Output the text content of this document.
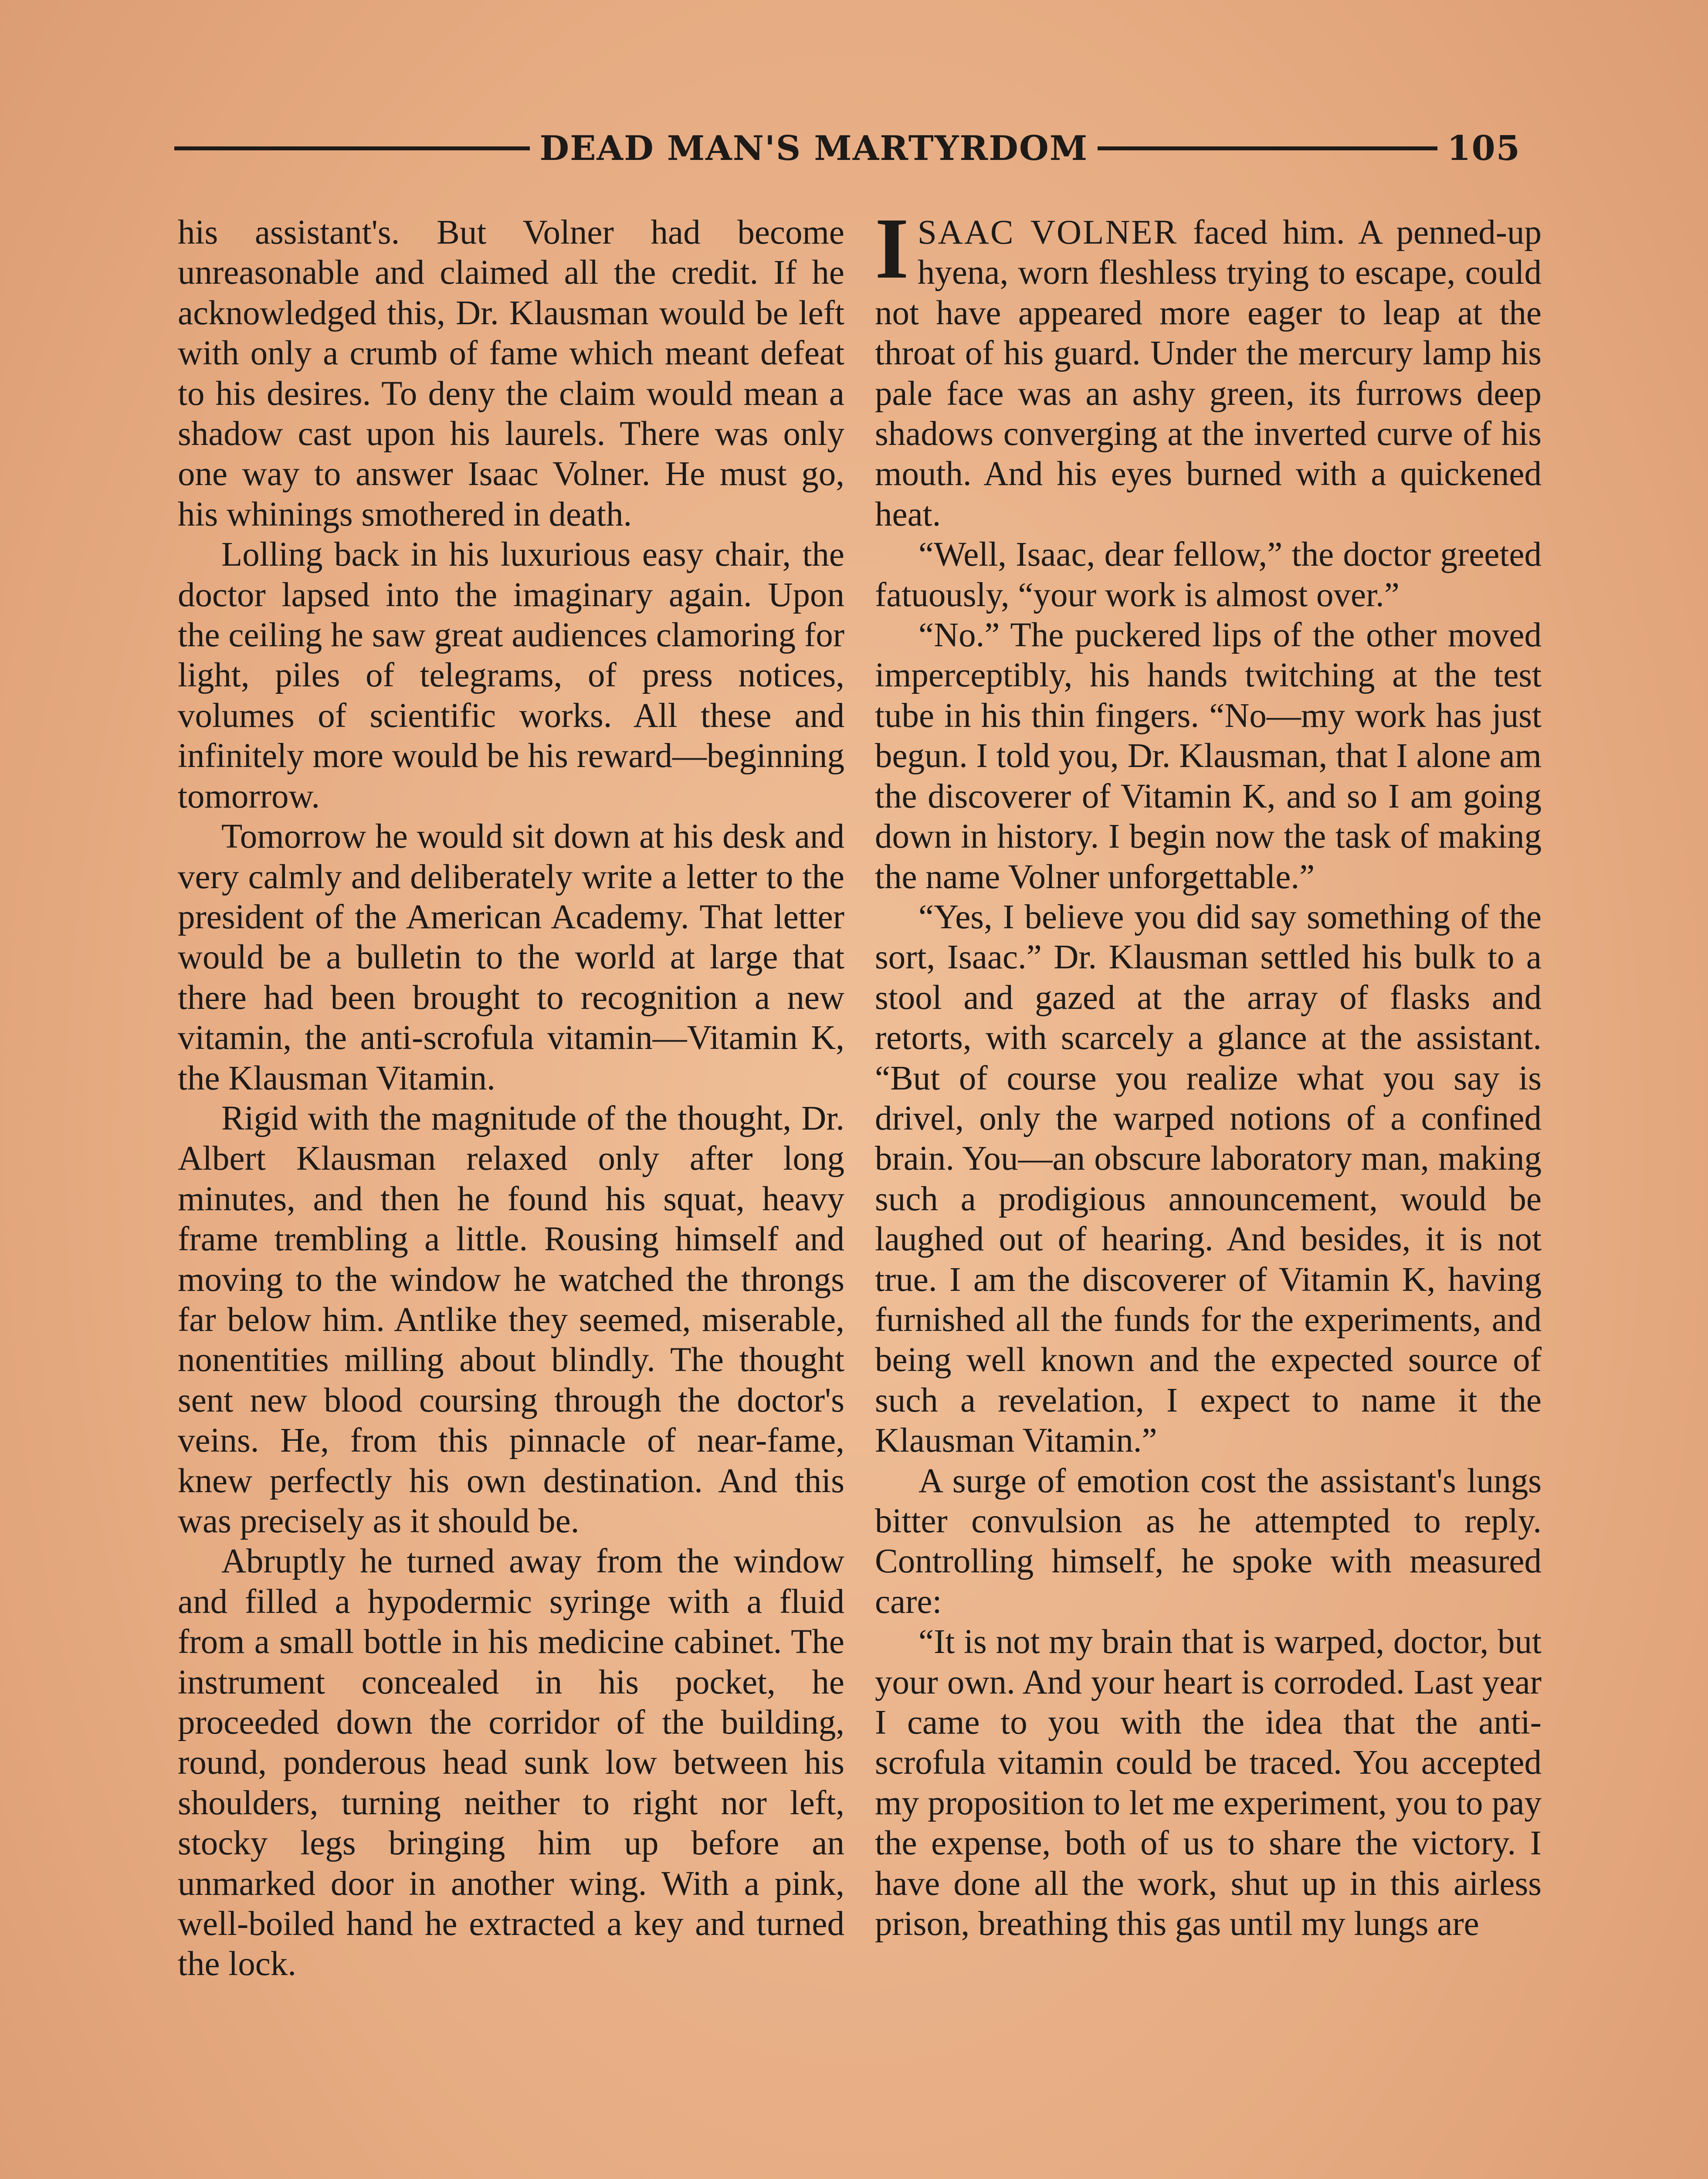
DEAD MAN'S MARTYRDOM	105

his assistant's. But Volner had become unreasonable and claimed all the credit. If he acknowledged this, Dr. Klausman would be left with only a crumb of fame which meant defeat to his desires. To deny the claim would mean a shadow cast upon his laurels. There was only one way to answer Isaac Volner. He must go, his whinings smothered in death.

Lolling back in his luxurious easy chair, the doctor lapsed into the imaginary again. Upon the ceiling he saw great audiences clamoring for light, piles of telegrams, of press notices, volumes of scientific works. All these and infinitely more would be his reward—beginning tomorrow.

Tomorrow he would sit down at his desk and very calmly and deliberately write a letter to the president of the American Academy. That letter would be a bulletin to the world at large that there had been brought to recognition a new vitamin, the anti-scrofula vitamin—Vitamin K, the Klausman Vitamin.

Rigid with the magnitude of the thought, Dr. Albert Klausman relaxed only after long minutes, and then he found his squat, heavy frame trembling a little. Rousing himself and moving to the window he watched the throngs far below him. Antlike they seemed, miserable, nonentities milling about blindly. The thought sent new blood coursing through the doctor's veins. He, from this pinnacle of near-fame, knew perfectly his own destination. And this was precisely as it should be.

Abruptly he turned away from the window and filled a hypodermic syringe with a fluid from a small bottle in his medicine cabinet. The instrument concealed in his pocket, he proceeded down the corridor of the building, round, ponderous head sunk low between his shoulders, turning neither to right nor left, stocky legs bringing him up before an unmarked door in another wing. With a pink, well-boiled hand he extracted a key and turned the lock.

ISAAC VOLNER faced him. A penned-up hyena, worn fleshless trying to escape, could not have appeared more eager to leap at the throat of his guard. Under the mercury lamp his pale face was an ashy green, its furrows deep shadows converging at the inverted curve of his mouth. And his eyes burned with a quickened heat.

“Well, Isaac, dear fellow,” the doctor greeted fatuously, “your work is almost over.”

“No.” The puckered lips of the other moved imperceptibly, his hands twitching at the test tube in his thin fingers. “No—my work has just begun. I told you, Dr. Klausman, that I alone am the discoverer of Vitamin K, and so I am going down in history. I begin now the task of making the name Volner unforgettable.”

“Yes, I believe you did say something of the sort, Isaac.” Dr. Klausman settled his bulk to a stool and gazed at the array of flasks and retorts, with scarcely a glance at the assistant. “But of course you realize what you say is drivel, only the warped notions of a confined brain. You—an obscure laboratory man, making such a prodigious announcement, would be laughed out of hearing. And besides, it is not true. I am the discoverer of Vitamin K, having furnished all the funds for the experiments, and being well known and the expected source of such a revelation, I expect to name it the Klausman Vitamin.”

A surge of emotion cost the assistant's lungs bitter convulsion as he attempted to reply. Controlling himself, he spoke with measured care:

“It is not my brain that is warped, doctor, but your own. And your heart is corroded. Last year I came to you with the idea that the anti-scrofula vitamin could be traced. You accepted my proposition to let me experiment, you to pay the expense, both of us to share the victory. I have done all the work, shut up in this airless prison, breathing this gas until my lungs are
